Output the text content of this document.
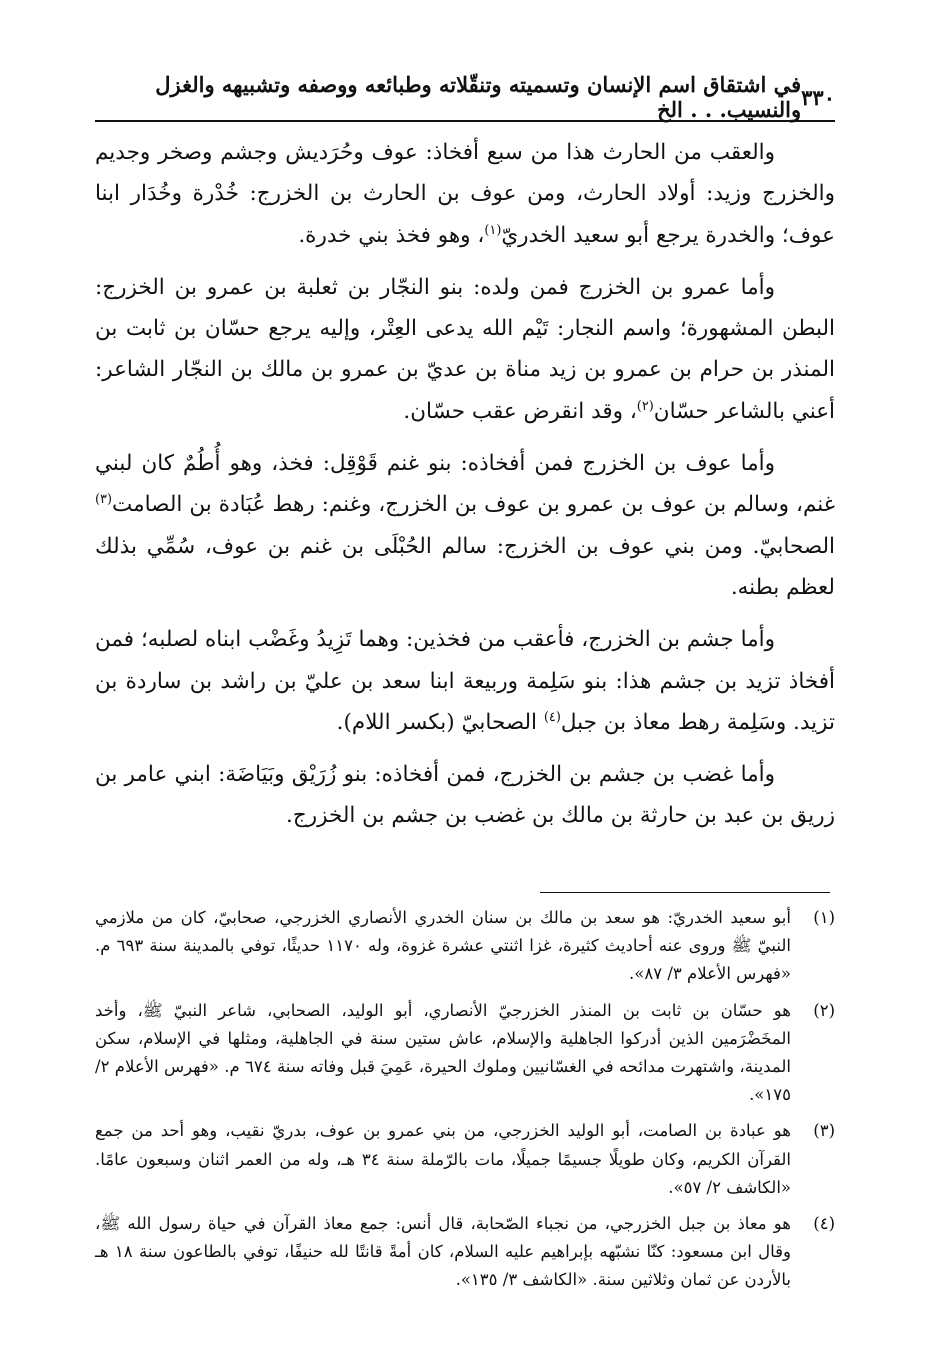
٣٣٠
في اشتقاق اسم الإنسان وتسميته وتنقّلاته وطبائعه ووصفه وتشبيهه والغزل والنسيب. . . الخ

والعقب من الحارث هذا من سبع أفخاذ: عوف وحُرَديش وجشم وصخر وجديم والخزرج وزيد: أولاد الحارث، ومن عوف بن الحارث بن الخزرج: خُدْرة وخُدَار ابنا عوف؛ والخدرة يرجع أبو سعيد الخدريّ$^{(١)}$، وهو فخذ بني خدرة.

وأما عمرو بن الخزرج فمن ولده: بنو النجّار بن ثعلبة بن عمرو بن الخزرج: البطن المشهورة؛ واسم النجار: تَيْم الله يدعى العِتْر، وإليه يرجع حسّان بن ثابت بن المنذر بن حرام بن عمرو بن زيد مناة بن عديّ بن عمرو بن مالك بن النجّار الشاعر: أعني بالشاعر حسّان$^{(٢)}$، وقد انقرض عقب حسّان.

وأما عوف بن الخزرج فمن أفخاذه: بنو غنم قَوْقِل: فخذ، وهو أُطُمٌ كان لبني غنم، وسالم بن عوف بن عمرو بن عوف بن الخزرج، وغنم: رهط عُبَادة بن الصامت$^{(٣)}$ الصحابيّ. ومن بني عوف بن الخزرج: سالم الحُبْلَى بن غنم بن عوف، سُمِّي بذلك لعظم بطنه.

وأما جشم بن الخزرج، فأعقب من فخذين: وهما تَزِيدُ وغَضْب ابناه لصلبه؛ فمن أفخاذ تزيد بن جشم هذا: بنو سَلِمة وربيعة ابنا سعد بن عليّ بن راشد بن ساردة بن تزيد. وسَلِمة رهط معاذ بن جبل$^{(٤)}$ الصحابيّ (بكسر اللام).

وأما غضب بن جشم بن الخزرج، فمن أفخاذه: بنو زُرَيْق وبَيَاضَة: ابني عامر بن زريق بن عبد بن حارثة بن مالك بن غضب بن جشم بن الخزرج.

(١)
أبو سعيد الخدريّ: هو سعد بن مالك بن سنان الخدري الأنصاري الخزرجي، صحابيّ، كان من ملازمي النبيّ ﷺ وروى عنه أحاديث كثيرة، غزا اثنتي عشرة غزوة، وله ١١٧٠ حديثًا، توفي بالمدينة سنة ٦٩٣ م. «فهرس الأعلام ٣/ ٨٧».
(٢)
هو حسّان بن ثابت بن المنذر الخزرجيّ الأنصاري، أبو الوليد، الصحابي، شاعر النبيّ ﷺ، وأخد المخَضْرَمين الذين أدركوا الجاهلية والإسلام، عاش ستين سنة في الجاهلية، ومثلها في الإسلام، سكن المدينة، واشتهرت مدائحه في الغسّانيين وملوك الحيرة، عَمِيَ قبل وفاته سنة ٦٧٤ م. «فهرس الأعلام ٢/ ١٧٥».
(٣)
هو عبادة بن الصامت، أبو الوليد الخزرجي، من بني عمرو بن عوف، بدريّ نقيب، وهو أحد من جمع القرآن الكريم، وكان طويلًا جسيمًا جميلًا، مات بالرّملة سنة ٣٤ هـ، وله من العمر اثنان وسبعون عامًا. «الكاشف ٢/ ٥٧».
(٤)
هو معاذ بن جبل الخزرجي، من نجباء الصّحابة، قال أنس: جمع معاذ القرآن في حياة رسول الله ﷺ، وقال ابن مسعود: كنّا نشبّهه بإبراهيم عليه السلام، كان أمةً قانتًا لله حنيفًا، توفي بالطاعون سنة ١٨ هـ بالأردن عن ثمان وثلاثين سنة. «الكاشف ٣/ ١٣٥».
